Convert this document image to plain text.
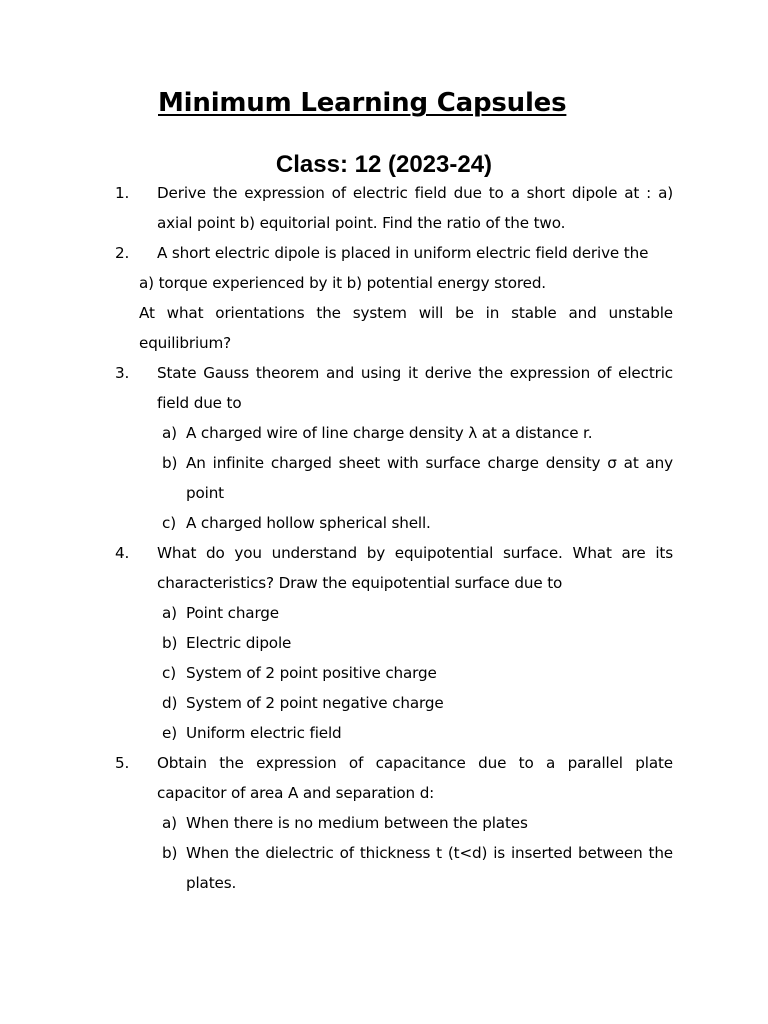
Minimum Learning Capsules
Class: 12 (2023-24)
1.	Derive the expression of electric field due to a short dipole at : a) axial point b) equitorial point. Find the ratio of the two.
2.	A short electric dipole is placed in uniform electric field derive the
a) torque experienced by it b) potential energy stored.
At what orientations the system will be in stable and unstable
equilibrium?
3.	State Gauss theorem and using it derive the expression of electric field due to
a) A charged wire of line charge density λ at a distance r.
b) An infinite charged sheet with surface charge density σ at any point
c) A charged hollow spherical shell.
4.	What do you understand by equipotential surface. What are its characteristics? Draw the equipotential surface due to
a) Point charge
b) Electric dipole
c) System of 2 point positive charge
d) System of 2 point negative charge
e) Uniform electric field
5.	Obtain the expression of capacitance due to a parallel plate capacitor of area A and separation d:
a) When there is no medium between the plates
b) When the dielectric of thickness t (t<d) is inserted between the plates.
